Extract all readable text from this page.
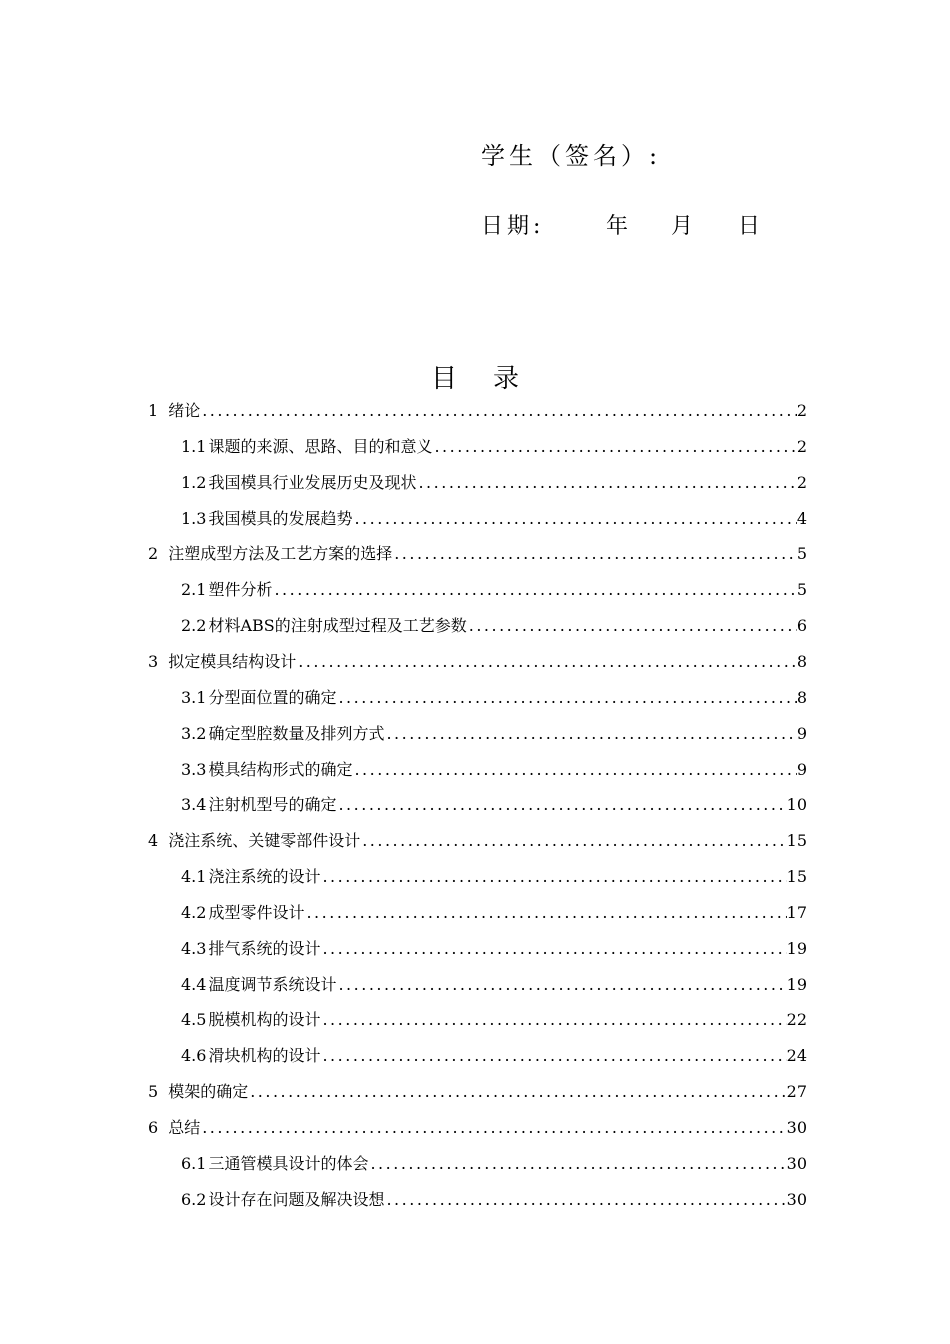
学生（签名）:
日期:	年 月 日
目录
1 绪论 .....	2
1.1 课题的来源、思路、目的和意义 .....	2
1.2 我国模具行业发展历史及现状 .....	2
1.3 我国模具的发展趋势 .....	4
2 注塑成型方法及工艺方案的选择 .....	5
2.1 塑件分析 .....	5
2.2 材料ABS的注射成型过程及工艺参数 .....	6
3 拟定模具结构设计 .....	8
3.1 分型面位置的确定 .....	8
3.2 确定型腔数量及排列方式 .....	9
3.3 模具结构形式的确定 .....	9
3.4 注射机型号的确定 .....	10
4 浇注系统、关键零部件设计 .....	15
4.1 浇注系统的设计 .....	15
4.2 成型零件设计 .....	17
4.3 排气系统的设计 .....	19
4.4 温度调节系统设计 .....	19
4.5 脱模机构的设计 .....	22
4.6 滑块机构的设计 .....	24
5 模架的确定 .....	27
6 总结 .....	30
6.1 三通管模具设计的体会 .....	30
6.2 设计存在问题及解决设想 .....	30
